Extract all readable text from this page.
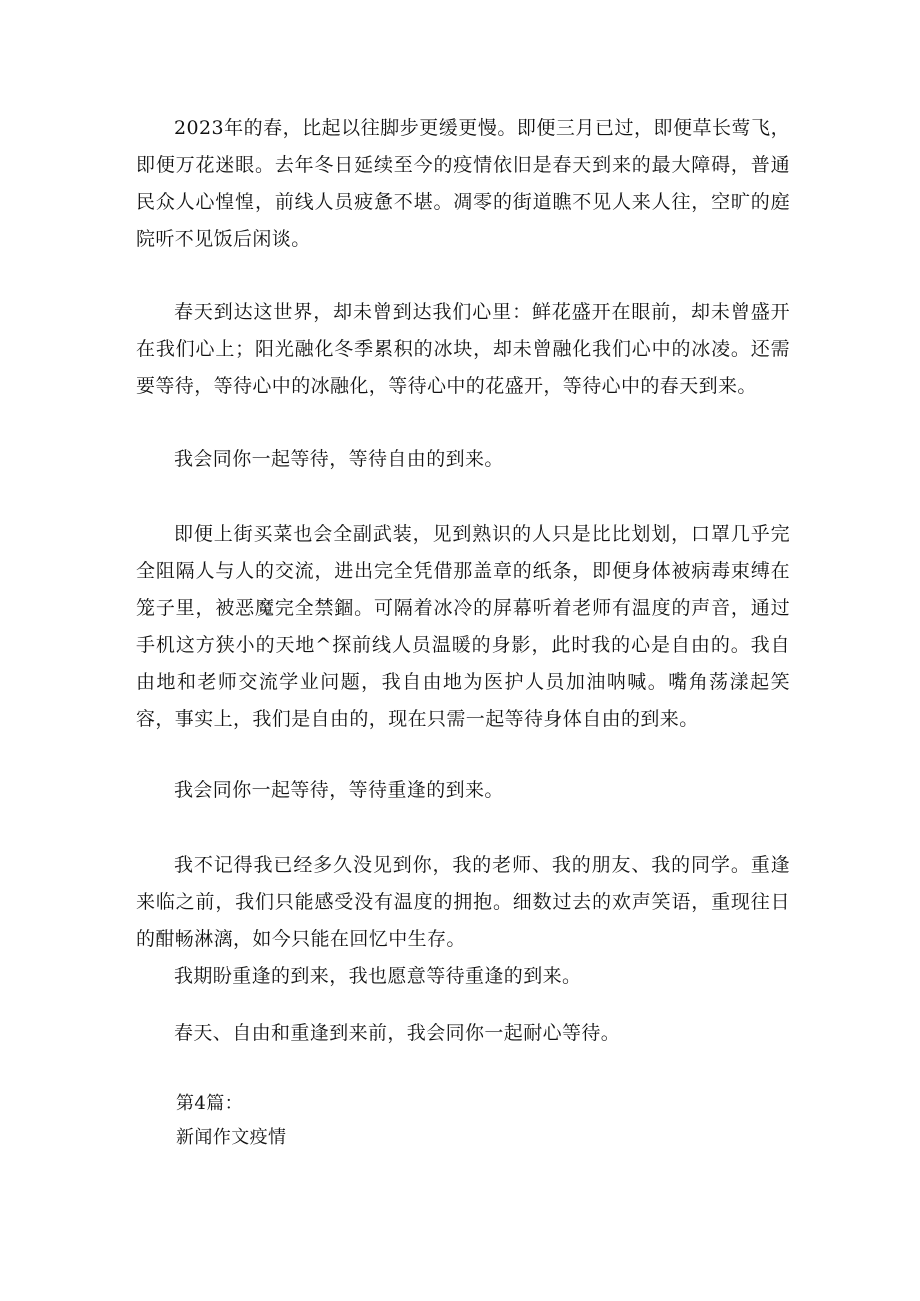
2023年的春，比起以往脚步更缓更慢。即便三月已过，即便草长莺飞，即便万花迷眼。去年冬日延续至今的疫情依旧是春天到来的最大障碍，普通民众人心惶惶，前线人员疲惫不堪。凋零的街道瞧不见人来人往，空旷的庭院听不见饭后闲谈。

春天到达这世界，却未曾到达我们心里：鲜花盛开在眼前，却未曾盛开在我们心上；阳光融化冬季累积的冰块，却未曾融化我们心中的冰凌。还需要等待，等待心中的冰融化，等待心中的花盛开，等待心中的春天到来。

我会同你一起等待，等待自由的到来。

即便上街买菜也会全副武装，见到熟识的人只是比比划划，口罩几乎完全阻隔人与人的交流，进出完全凭借那盖章的纸条，即便身体被病毒束缚在笼子里，被恶魔完全禁錮。可隔着冰冷的屏幕听着老师有温度的声音，通过手机这方狭小的天地^探前线人员温暖的身影，此时我的心是自由的。我自由地和老师交流学业问题，我自由地为医护人员加油呐喊。嘴角荡漾起笑容，事实上，我们是自由的，现在只需一起等待身体自由的到来。

我会同你一起等待，等待重逢的到来。

我不记得我已经多久没见到你，我的老师、我的朋友、我的同学。重逢来临之前，我们只能感受没有温度的拥抱。细数过去的欢声笑语，重现往日的酣畅淋漓，如今只能在回忆中生存。

我期盼重逢的到来，我也愿意等待重逢的到来。

春天、自由和重逢到来前，我会同你一起耐心等待。

第4篇：

新闻作文疫情
